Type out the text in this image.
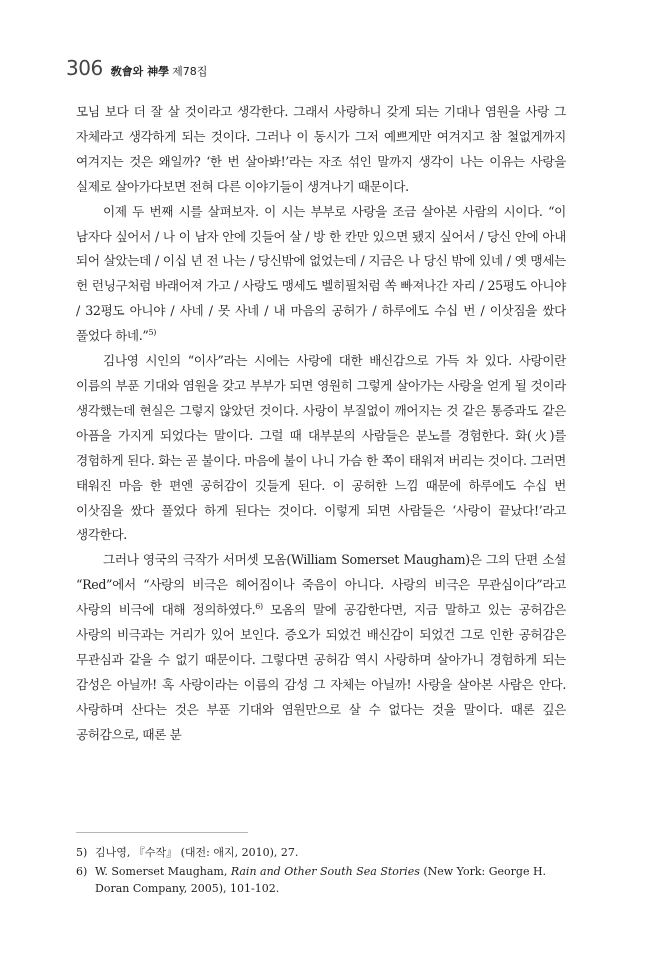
306 敎會와 神學 제78집

모님 보다 더 잘 살 것이라고 생각한다. 그래서 사랑하니 갖게 되는 기대나 염원을 사랑 그 자체라고 생각하게 되는 것이다. 그러나 이 동시가 그저 예쁘게만 여겨지고 참 철없게까지 여겨지는 것은 왜일까? ‘한 번 살아봐!’라는 자조 섞인 말까지 생각이 나는 이유는 사랑을 실제로 살아가다보면 전혀 다른 이야기들이 생겨나기 때문이다.

이제 두 번째 시를 살펴보자. 이 시는 부부로 사랑을 조금 살아본 사람의 시이다. “이 남자다 싶어서 / 나 이 남자 안에 깃들어 살 / 방 한 칸만 있으면 됐지 싶어서 / 당신 안에 아내 되어 살았는데 / 이십 년 전 나는 / 당신밖에 없었는데 / 지금은 나 당신 밖에 있네 / 옛 맹세는 헌 런닝구처럼 바래어져 가고 / 사랑도 맹세도 벨히필처럼 쏙 빠져나간 자리 / 25평도 아니야 / 32평도 아니야 / 사네 / 못 사네 / 내 마음의 공허가 / 하루에도 수십 번 / 이삿짐을 쌌다 풀었다 하네.”$^{5)}$

김나영 시인의 “이사”라는 시에는 사랑에 대한 배신감으로 가득 차 있다. 사랑이란 이름의 부푼 기대와 염원을 갖고 부부가 되면 영원히 그렇게 살아가는 사랑을 얻게 될 것이라 생각했는데 현실은 그렇지 않았던 것이다. 사랑이 부질없이 깨어지는 것 같은 통증과도 같은 아픔을 가지게 되었다는 말이다. 그럴 때 대부분의 사람들은 분노를 경험한다. 화(火)를 경험하게 된다. 화는 곧 불이다. 마음에 불이 나니 가슴 한 쪽이 태워져 버리는 것이다. 그러면 태워진 마음 한 편엔 공허감이 깃들게 된다. 이 공허한 느낌 때문에 하루에도 수십 번 이삿짐을 쌌다 풀었다 하게 된다는 것이다. 이렇게 되면 사람들은 ‘사랑이 끝났다!’라고 생각한다.

그러나 영국의 극작가 서머셋 모옴(William Somerset Maugham)은 그의 단편 소설 “Red”에서 “사랑의 비극은 헤어짐이나 죽음이 아니다. 사랑의 비극은 무관심이다”라고 사랑의 비극에 대해 정의하였다.$^{6)}$ 모옴의 말에 공감한다면, 지금 말하고 있는 공허감은 사랑의 비극과는 거리가 있어 보인다. 증오가 되었건 배신감이 되었건 그로 인한 공허감은 무관심과 같을 수 없기 때문이다. 그렇다면 공허감 역시 사랑하며 살아가니 경험하게 되는 감성은 아닐까! 혹 사랑이라는 이름의 감성 그 자체는 아닐까! 사랑을 살아본 사람은 안다. 사랑하며 산다는 것은 부푼 기대와 염원만으로 살 수 없다는 것을 말이다. 때론 깊은 공허감으로, 때론 분

5) 김나영, 『수작』 (대전: 애지, 2010), 27.
6) W. Somerset Maugham, Rain and Other South Sea Stories (New York: George H. Doran Company, 2005), 101-102.
